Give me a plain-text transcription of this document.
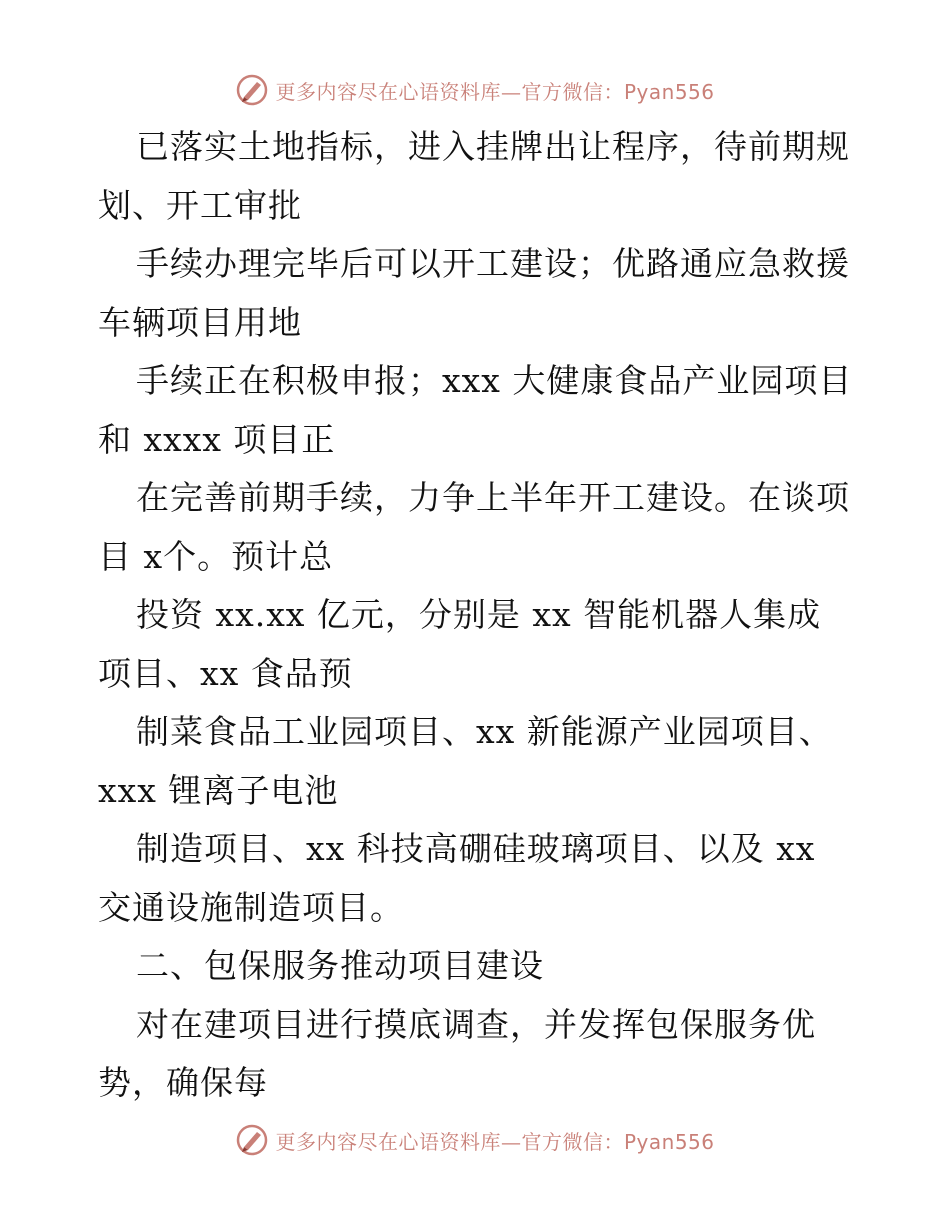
更多内容尽在心语资料库—官方微信：Pyan556
已落实土地指标，进入挂牌出让程序，待前期规
划、开工审批
手续办理完毕后可以开工建设；优路通应急救援
车辆项目用地
手续正在积极申报；xxx 大健康食品产业园项目
和 xxxx 项目正
在完善前期手续，力争上半年开工建设。在谈项
目 x个。预计总
投资 xx.xx 亿元，分别是 xx 智能机器人集成
项目、xx 食品预
制菜食品工业园项目、xx 新能源产业园项目、
xxx 锂离子电池
制造项目、xx 科技高硼硅玻璃项目、以及 xx
交通设施制造项目。
二、包保服务推动项目建设
对在建项目进行摸底调查，并发挥包保服务优
势，确保每
更多内容尽在心语资料库—官方微信：Pyan556
